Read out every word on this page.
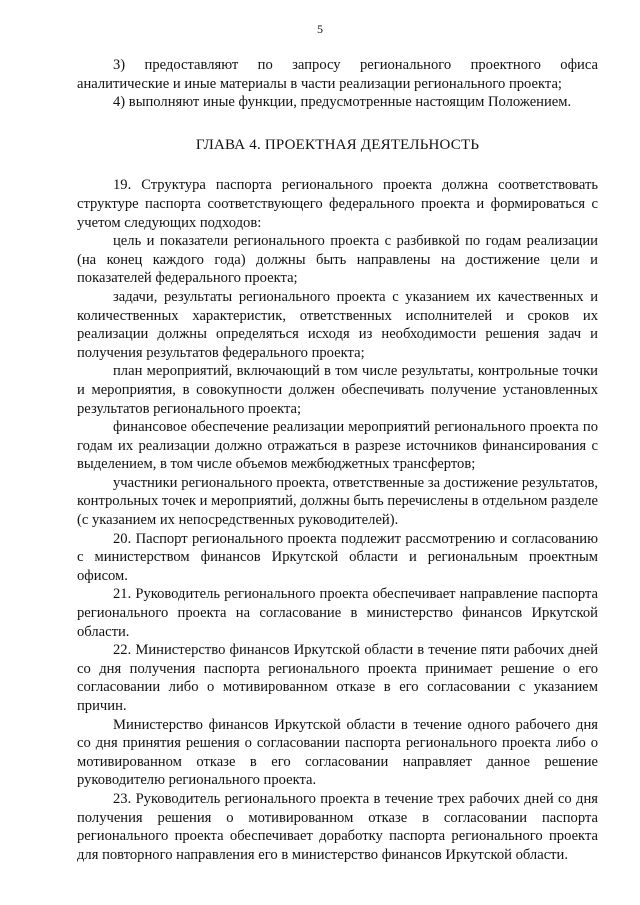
5

3) предоставляют по запросу регионального проектного офиса аналитические и иные материалы в части реализации регионального проекта;

4) выполняют иные функции, предусмотренные настоящим Положением.

ГЛАВА 4. ПРОЕКТНАЯ ДЕЯТЕЛЬНОСТЬ

19. Структура паспорта регионального проекта должна соответствовать структуре паспорта соответствующего федерального проекта и формироваться с учетом следующих подходов:

цель и показатели регионального проекта с разбивкой по годам реализации (на конец каждого года) должны быть направлены на достижение цели и показателей федерального проекта;

задачи, результаты регионального проекта с указанием их качественных и количественных характеристик, ответственных исполнителей и сроков их реализации должны определяться исходя из необходимости решения задач и получения результатов федерального проекта;

план мероприятий, включающий в том числе результаты, контрольные точки и мероприятия, в совокупности должен обеспечивать получение установленных результатов регионального проекта;

финансовое обеспечение реализации мероприятий регионального проекта по годам их реализации должно отражаться в разрезе источников финансирования с выделением, в том числе объемов межбюджетных трансфертов;

участники регионального проекта, ответственные за достижение результатов, контрольных точек и мероприятий, должны быть перечислены в отдельном разделе (с указанием их непосредственных руководителей).

20. Паспорт регионального проекта подлежит рассмотрению и согласованию с министерством финансов Иркутской области и региональным проектным офисом.

21. Руководитель регионального проекта обеспечивает направление паспорта регионального проекта на согласование в министерство финансов Иркутской области.

22. Министерство финансов Иркутской области в течение пяти рабочих дней со дня получения паспорта регионального проекта принимает решение о его согласовании либо о мотивированном отказе в его согласовании с указанием причин.

Министерство финансов Иркутской области в течение одного рабочего дня со дня принятия решения о согласовании паспорта регионального проекта либо о мотивированном отказе в его согласовании направляет данное решение руководителю регионального проекта.

23. Руководитель регионального проекта в течение трех рабочих дней со дня получения решения о мотивированном отказе в согласовании паспорта регионального проекта обеспечивает доработку паспорта регионального проекта для повторного направления его в министерство финансов Иркутской области.
